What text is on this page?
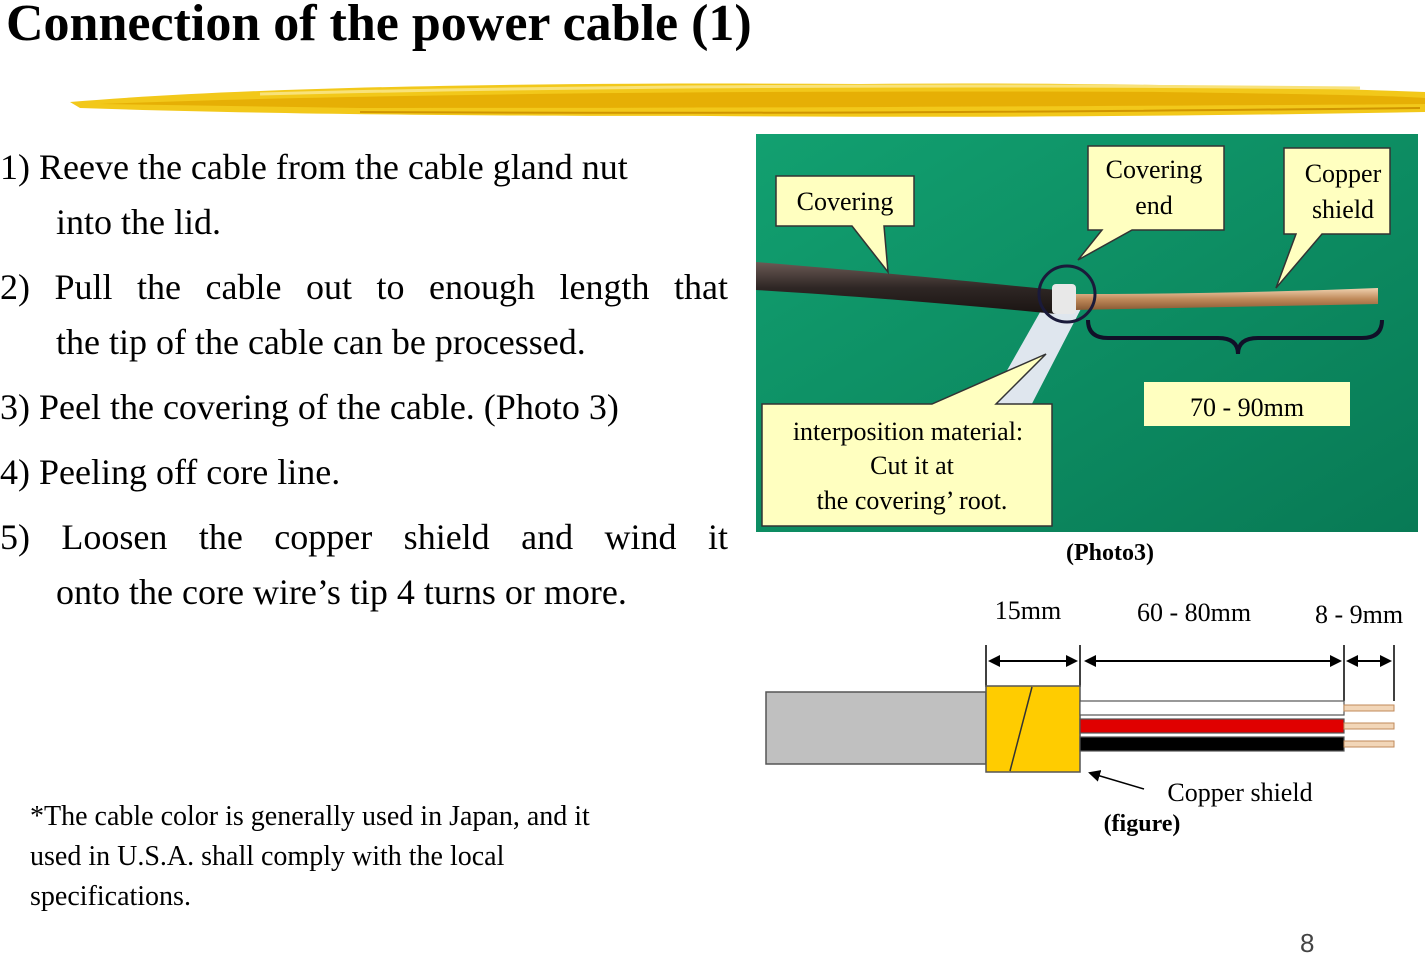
Connection of the power cable (1)
1) Reeve the cable from the cable gland nut
into the lid.
2) Pull the cable out to enough length that
the tip of the cable can be processed.
3) Peel the covering of the cable. (Photo 3)
4) Peeling off core line.
5) Loosen the copper shield and wind it
onto the core wire’s tip 4 turns or more.
*The cable color is generally used in Japan, and it
used in U.S.A. shall comply with the local
specifications.
Covering
Covering
end
Copper
shield
70 - 90mm
interposition material:
Cut it at
the covering’ root.
(Photo3)
15mm	60 - 80mm 8 - 9mm
Copper shield
(figure)
8
